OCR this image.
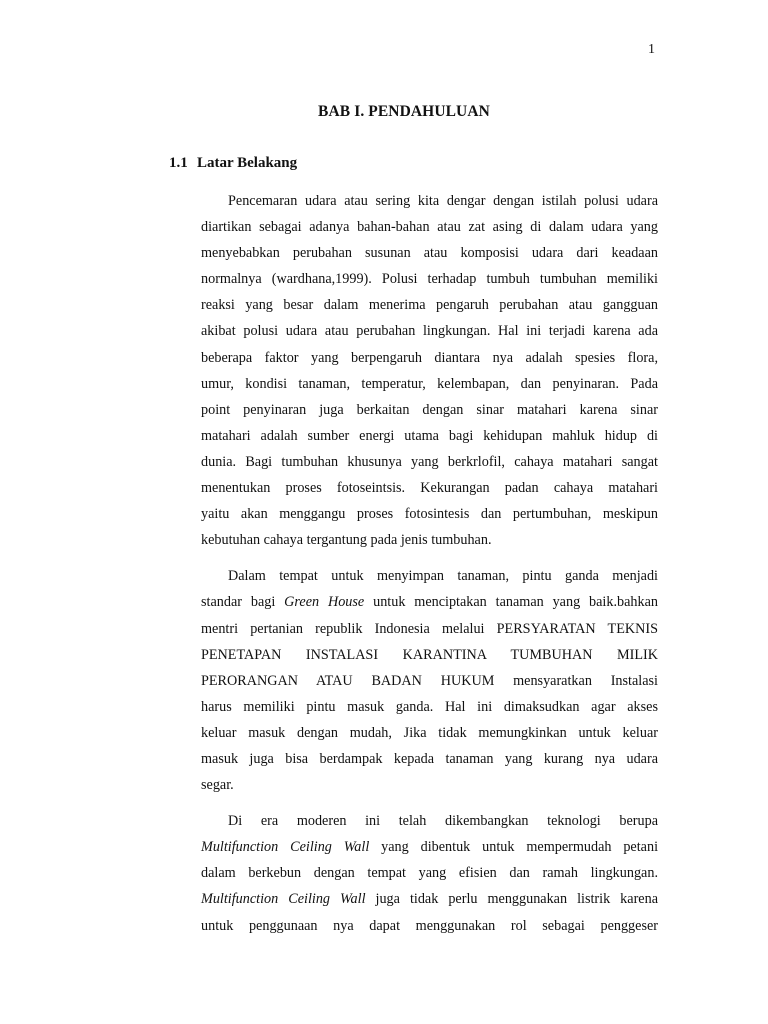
1
BAB I. PENDAHULUAN
1.1 Latar Belakang
Pencemaran udara atau sering kita dengar dengan istilah polusi udara
diartikan sebagai adanya bahan-bahan atau zat asing di dalam udara yang
menyebabkan perubahan susunan atau komposisi udara dari keadaan
normalnya (wardhana,1999). Polusi terhadap tumbuh tumbuhan memiliki
reaksi yang besar dalam menerima pengaruh perubahan atau gangguan
akibat polusi udara atau perubahan lingkungan. Hal ini terjadi karena ada
beberapa faktor yang berpengaruh diantara nya adalah spesies flora,
umur, kondisi tanaman, temperatur, kelembapan, dan penyinaran. Pada
point penyinaran juga berkaitan dengan sinar matahari karena sinar
matahari adalah sumber energi utama bagi kehidupan mahluk hidup di
dunia. Bagi tumbuhan khusunya yang berkrlofil, cahaya matahari sangat
menentukan proses fotoseintsis. Kekurangan padan cahaya matahari
yaitu akan menggangu proses fotosintesis dan pertumbuhan, meskipun
kebutuhan cahaya tergantung pada jenis tumbuhan.
Dalam tempat untuk menyimpan tanaman, pintu ganda menjadi
standar bagi Green House untuk menciptakan tanaman yang baik.bahkan
mentri pertanian republik Indonesia melalui PERSYARATAN TEKNIS
PENETAPAN INSTALASI KARANTINA TUMBUHAN MILIK
PERORANGAN ATAU BADAN HUKUM mensyaratkan Instalasi
harus memiliki pintu masuk ganda. Hal ini dimaksudkan agar akses
keluar masuk dengan mudah, Jika tidak memungkinkan untuk keluar
masuk juga bisa berdampak kepada tanaman yang kurang nya udara
segar.
Di era moderen ini telah dikembangkan teknologi berupa
Multifunction Ceiling Wall yang dibentuk untuk mempermudah petani
dalam berkebun dengan tempat yang efisien dan ramah lingkungan.
Multifunction Ceiling Wall juga tidak perlu menggunakan listrik karena
untuk penggunaan nya dapat menggunakan rol sebagai penggeser
